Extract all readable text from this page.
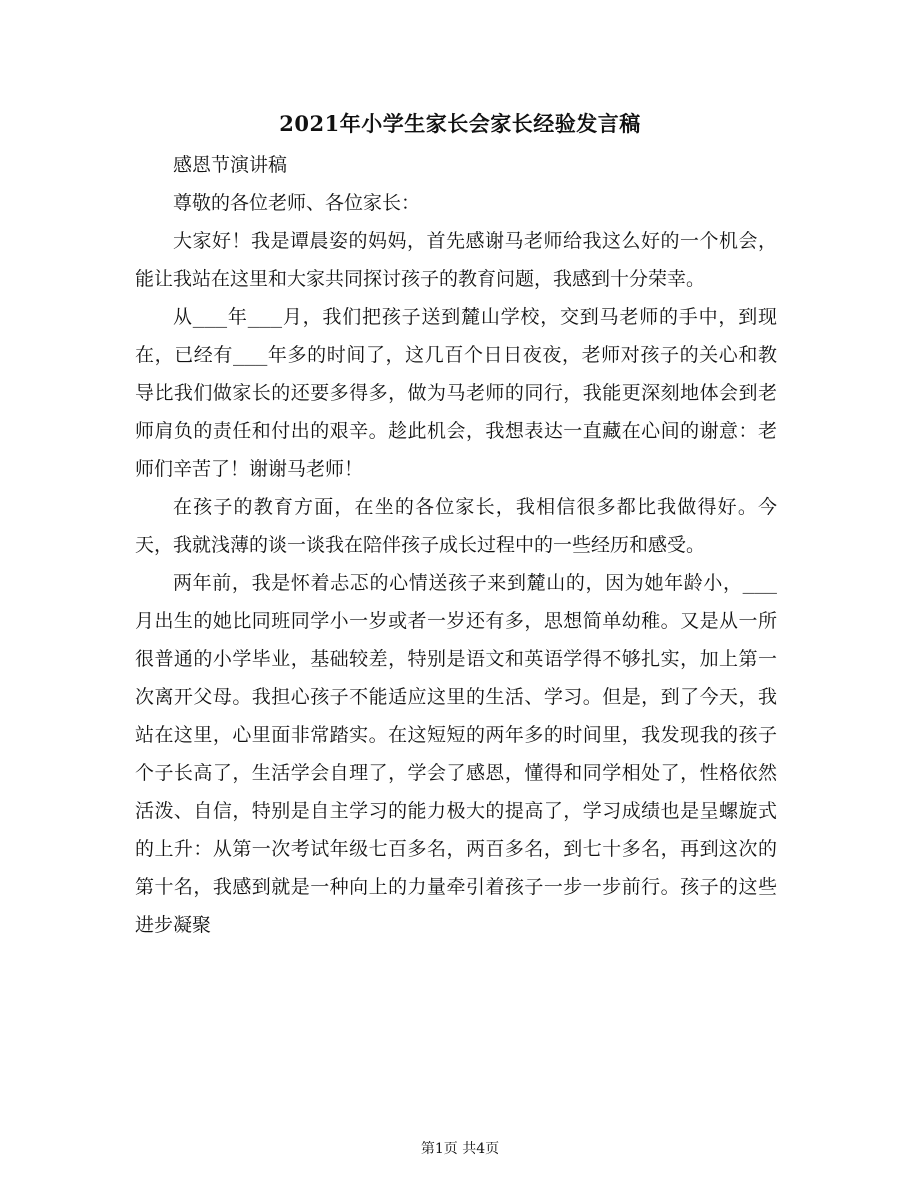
2021年小学生家长会家长经验发言稿

感恩节演讲稿

尊敬的各位老师、各位家长：

大家好！我是谭晨姿的妈妈，首先感谢马老师给我这么好的一个机会，能让我站在这里和大家共同探讨孩子的教育问题，我感到十分荣幸。

从___年___月，我们把孩子送到麓山学校，交到马老师的手中，到现在，已经有___年多的时间了，这几百个日日夜夜，老师对孩子的关心和教导比我们做家长的还要多得多，做为马老师的同行，我能更深刻地体会到老师肩负的责任和付出的艰辛。趁此机会，我想表达一直藏在心间的谢意：老师们辛苦了！谢谢马老师！

在孩子的教育方面，在坐的各位家长，我相信很多都比我做得好。今天，我就浅薄的谈一谈我在陪伴孩子成长过程中的一些经历和感受。

两年前，我是怀着忐忑的心情送孩子来到麓山的，因为她年龄小，___月出生的她比同班同学小一岁或者一岁还有多，思想简单幼稚。又是从一所很普通的小学毕业，基础较差，特别是语文和英语学得不够扎实，加上第一次离开父母。我担心孩子不能适应这里的生活、学习。但是，到了今天，我站在这里，心里面非常踏实。在这短短的两年多的时间里，我发现我的孩子个子长高了，生活学会自理了，学会了感恩，懂得和同学相处了，性格依然活泼、自信，特别是自主学习的能力极大的提高了，学习成绩也是呈螺旋式的上升：从第一次考试年级七百多名，两百多名，到七十多名，再到这次的第十名，我感到就是一种向上的力量牵引着孩子一步一步前行。孩子的这些进步凝聚

第1页 共4页
